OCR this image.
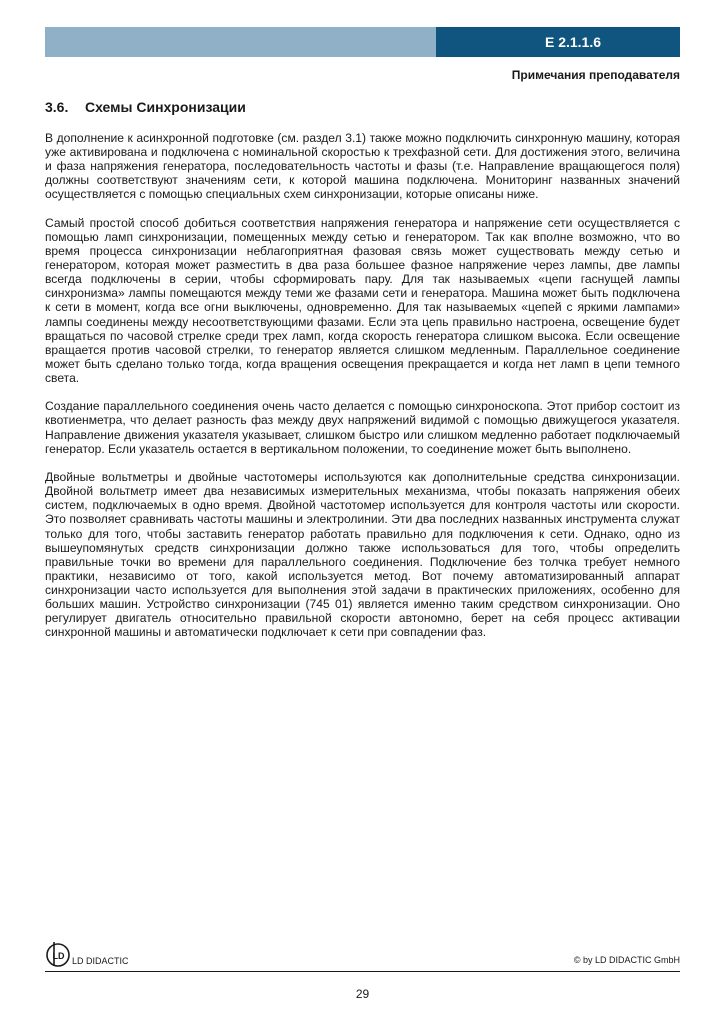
E 2.1.1.6
Примечания преподавателя
3.6. Схемы Синхронизации

В дополнение к асинхронной подготовке (см. раздел 3.1) также можно подключить синхронную машину, которая уже активирована и подключена с номинальной скоростью к трехфазной сети. Для достижения этого, величина и фаза напряжения генератора, последовательность частоты и фазы (т.е. Направление вращающегося поля) должны соответствуют значениям сети, к которой машина подключена. Мониторинг названных значений осуществляется с помощью специальных схем синхронизации, которые описаны ниже.

Самый простой способ добиться соответствия напряжения генератора и напряжение сети осуществляется с помощью ламп синхронизации, помещенных между сетью и генератором. Так как вполне возможно, что во время процесса синхронизации неблагоприятная фазовая связь может существовать между сетью и генератором, которая может разместить в два раза большее фазное напряжение через лампы, две лампы всегда подключены в серии, чтобы сформировать пару. Для так называемых «цепи гаснущей лампы синхронизма» лампы помещаются между теми же фазами сети и генератора. Машина может быть подключена к сети в момент, когда все огни выключены, одновременно. Для так называемых «цепей с яркими лампами» лампы соединены между несоответствующими фазами. Если эта цепь правильно настроена, освещение будет вращаться по часовой стрелке среди трех ламп, когда скорость генератора слишком высока. Если освещение вращается против часовой стрелки, то генератор является слишком медленным. Параллельное соединение может быть сделано только тогда, когда вращения освещения прекращается и когда нет ламп в цепи темного света.

Создание параллельного соединения очень часто делается с помощью синхроноскопа. Этот прибор состоит из квотиенметра, что делает разность фаз между двух напряжений видимой с помощью движущегося указателя. Направление движения указателя указывает, слишком быстро или слишком медленно работает подключаемый генератор. Если указатель остается в вертикальном положении, то соединение может быть выполнено.

Двойные вольтметры и двойные частотомеры используются как дополнительные средства синхронизации. Двойной вольтметр имеет два независимых измерительных механизма, чтобы показать напряжения обеих систем, подключаемых в одно время. Двойной частотомер используется для контроля частоты или скорости. Это позволяет сравнивать частоты машины и электролинии. Эти два последних названных инструмента служат только для того, чтобы заставить генератор работать правильно для подключения к сети. Однако, одно из вышеупомянутых средств синхронизации должно также использоваться для того, чтобы определить правильные точки во времени для параллельного соединения. Подключение без толчка требует немного практики, независимо от того, какой используется метод. Вот почему автоматизированный аппарат синхронизации часто используется для выполнения этой задачи в практических приложениях, особенно для больших машин. Устройство синхронизации (745 01) является именно таким средством синхронизации. Оно регулирует двигатель относительно правильной скорости автономно, берет на себя процесс активации синхронной машины и автоматически подключает к сети при совпадении фаз.

LD LD DIDACTIC	© by LD DIDACTIC GmbH
29
